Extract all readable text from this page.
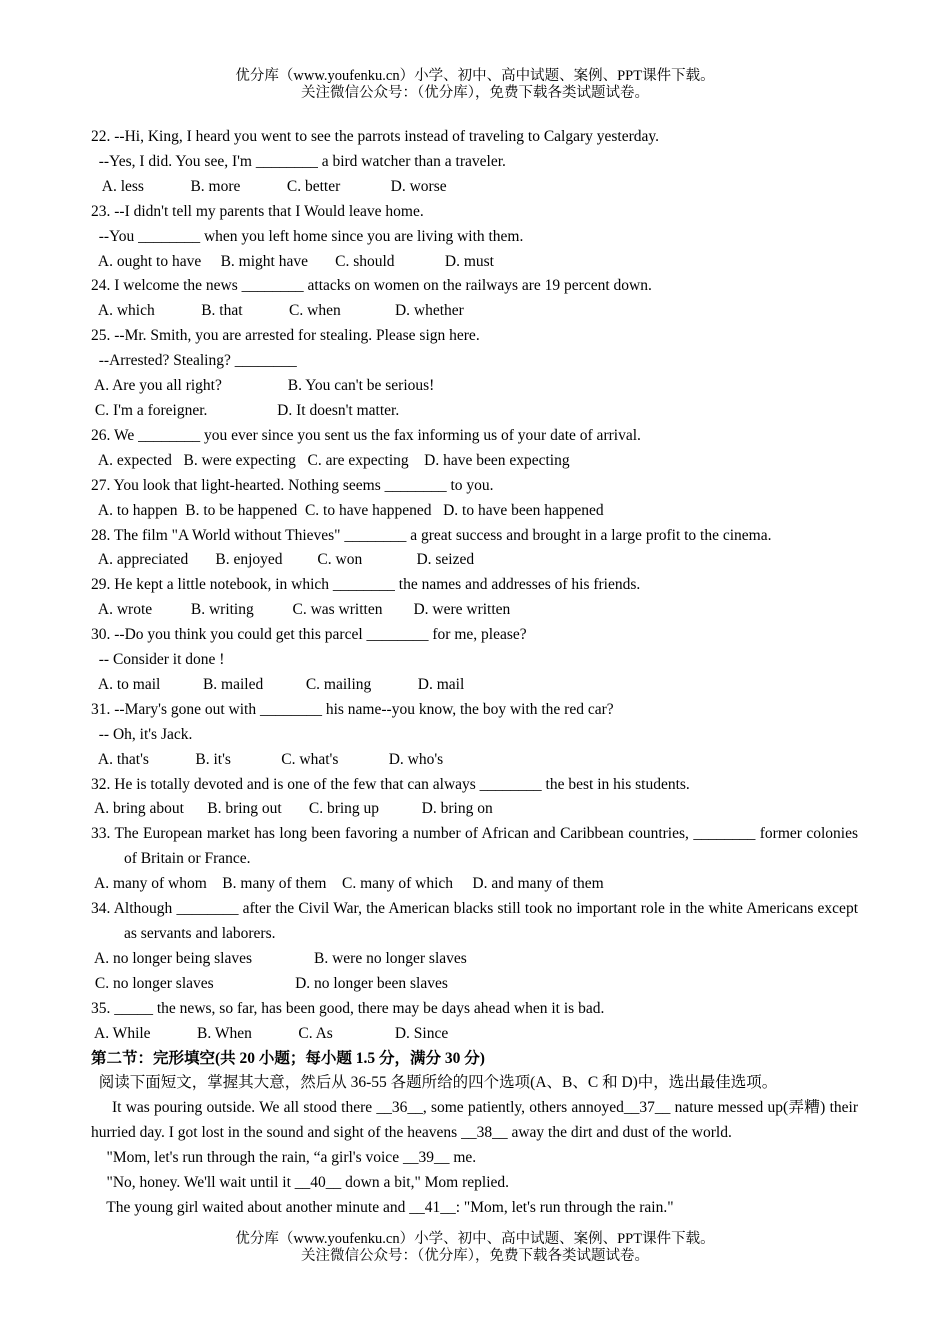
优分库（www.youfenku.cn）小学、初中、高中试题、案例、PPT课件下载。
关注微信公众号：（优分库），免费下载各类试题试卷。
22. --Hi, King, I heard you went to see the parrots instead of traveling to Calgary yesterday.
--Yes, I did. You see, I'm ________ a bird watcher than a traveler.
A. less            B. more            C. better             D. worse
23. --I didn't tell my parents that I Would leave home.
--You ________ when you left home since you are living with them.
A. ought to have     B. might have       C. should             D. must
24. I welcome the news ________ attacks on women on the railways are 19 percent down.
A. which            B. that            C. when              D. whether
25. --Mr. Smith, you are arrested for stealing. Please sign here.
--Arrested? Stealing? ________
A. Are you all right?                 B. You can't be serious!
C. I'm a foreigner.                  D. It doesn't matter.
26. We ________ you ever since you sent us the fax informing us of your date of arrival.
A. expected   B. were expecting   C. are expecting    D. have been expecting
27. You look that light-hearted. Nothing seems ________ to you.
A. to happen  B. to be happened  C. to have happened   D. to have been happened
28. The film "A World without Thieves" ________ a great success and brought in a large profit to the cinema.
A. appreciated       B. enjoyed         C. won              D. seized
29. He kept a little notebook, in which ________ the names and addresses of his friends.
A. wrote          B. writing          C. was written        D. were written
30. --Do you think you could get this parcel ________ for me, please?
-- Consider it done !
A. to mail           B. mailed           C. mailing            D. mail
31. --Mary's gone out with ________ his name--you know, the boy with the red car?
-- Oh, it's Jack.
A. that's            B. it's             C. what's             D. who's
32. He is totally devoted and is one of the few that can always ________ the best in his students.
A. bring about      B. bring out       C. bring up           D. bring on
33. The European market has long been favoring a number of African and Caribbean countries, ________ former colonies of Britain or France.
A. many of whom    B. many of them    C. many of which     D. and many of them
34. Although ________ after the Civil War, the American blacks still took no important role in the white Americans except as servants and laborers.
A. no longer being slaves                B. were no longer slaves
C. no longer slaves                     D. no longer been slaves
35. _____ the news, so far, has been good, there may be days ahead when it is bad.
A. While            B. When            C. As                D. Since
第二节：完形填空(共 20 小题；每小题 1.5 分，满分 30 分)
阅读下面短文，掌握其大意，然后从 36-55 各题所给的四个选项(A、B、C 和 D)中，选出最佳选项。
It was pouring outside. We all stood there __36__, some patiently, others annoyed__37__ nature messed up(弄糟) their hurried day. I got lost in the sound and sight of the heavens __38__ away the dirt and dust of the world.
"Mom, let's run through the rain, “a girl's voice __39__ me.
"No, honey. We'll wait until it __40__ down a bit," Mom replied.
The young girl waited about another minute and __41__: "Mom, let's run through the rain."
优分库（www.youfenku.cn）小学、初中、高中试题、案例、PPT课件下载。
关注微信公众号：（优分库），免费下载各类试题试卷。
